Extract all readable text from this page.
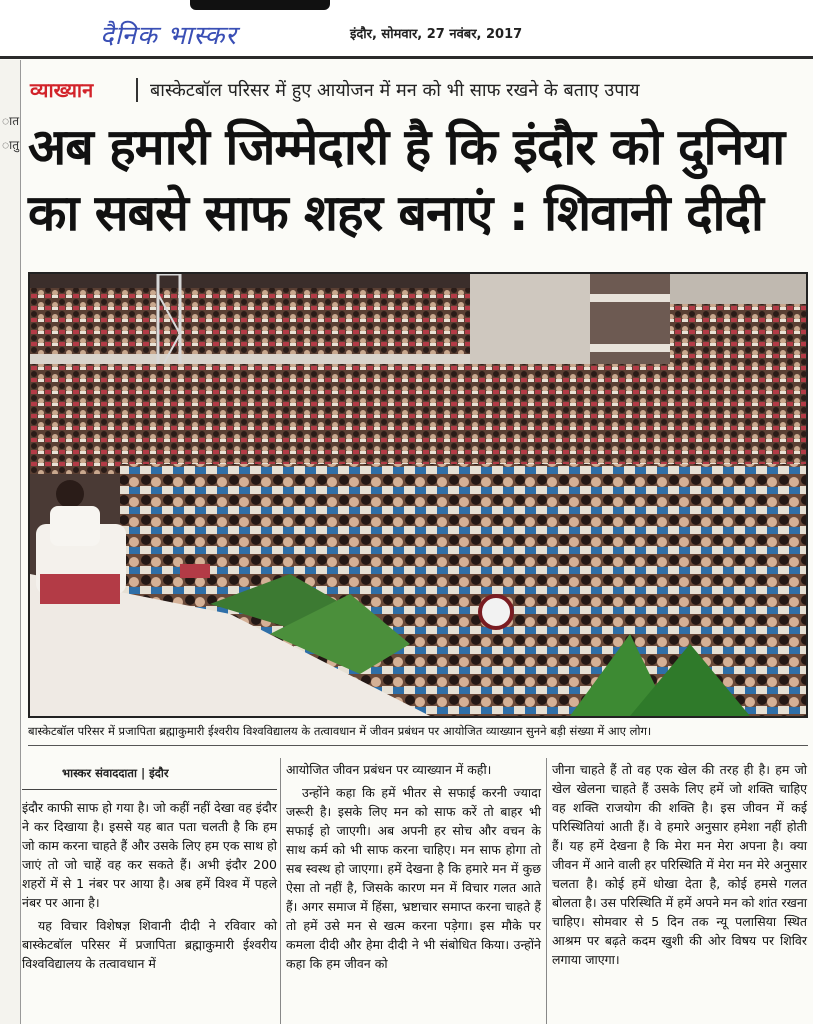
दैनिक भास्कर	इंदौर, सोमवार, 27 नवंबर, 2017
ात
ातु
व्याख्यान	बास्केटबॉल परिसर में हुए आयोजन में मन को भी साफ रखने के बताए उपाय
अब हमारी जिम्मेदारी है कि इंदौर को दुनिया
का सबसे साफ शहर बनाएं : शिवानी दीदी
बास्केटबॉल परिसर में प्रजापिता ब्रह्माकुमारी ईश्वरीय विश्वविद्यालय के तत्वावधान में जीवन प्रबंधन पर आयोजित व्याख्यान सुनने बड़ी संख्या में आए लोग।
भास्कर संवाददाता | इंदौर

इंदौर काफी साफ हो गया है। जो कहीं नहीं देखा वह इंदौर ने कर दिखाया है। इससे यह बात पता चलती है कि हम जो काम करना चाहते हैं और उसके लिए हम एक साथ हो जाएं तो जो चाहें वह कर सकते हैं। अभी इंदौर 200 शहरों में से 1 नंबर पर आया है। अब हमें विश्व में पहले नंबर पर आना है।

यह विचार विशेषज्ञ शिवानी दीदी ने रविवार को बास्केटबॉल परिसर में प्रजापिता ब्रह्माकुमारी ईश्वरीय विश्वविद्यालय के तत्वावधान में

आयोजित जीवन प्रबंधन पर व्याख्यान में कही।

उन्होंने कहा कि हमें भीतर से सफाई करनी ज्यादा जरूरी है। इसके लिए मन को साफ करें तो बाहर भी सफाई हो जाएगी। अब अपनी हर सोच और वचन के साथ कर्म को भी साफ करना चाहिए। मन साफ होगा तो सब स्वस्थ हो जाएगा। हमें देखना है कि हमारे मन में कुछ ऐसा तो नहीं है, जिसके कारण मन में विचार गलत आते हैं। अगर समाज में हिंसा, भ्रष्टाचार समाप्त करना चाहते हैं तो हमें उसे मन से खत्म करना पड़ेगा। इस मौके पर कमला दीदी और हेमा दीदी ने भी संबोधित किया। उन्होंने कहा कि हम जीवन को

जीना चाहते हैं तो वह एक खेल की तरह ही है। हम जो खेल खेलना चाहते हैं उसके लिए हमें जो शक्ति चाहिए वह शक्ति राजयोग की शक्ति है। इस जीवन में कई परिस्थितियां आती हैं। वे हमारे अनुसार हमेशा नहीं होती हैं। यह हमें देखना है कि मेरा मन मेरा अपना है। क्या जीवन में आने वाली हर परिस्थिति में मेरा मन मेरे अनुसार चलता है। कोई हमें धोखा देता है, कोई हमसे गलत बोलता है। उस परिस्थिति में हमें अपने मन को शांत रखना चाहिए। सोमवार से 5 दिन तक न्यू पलासिया स्थित आश्रम पर बढ़ते कदम खुशी की ओर विषय पर शिविर लगाया जाएगा।
